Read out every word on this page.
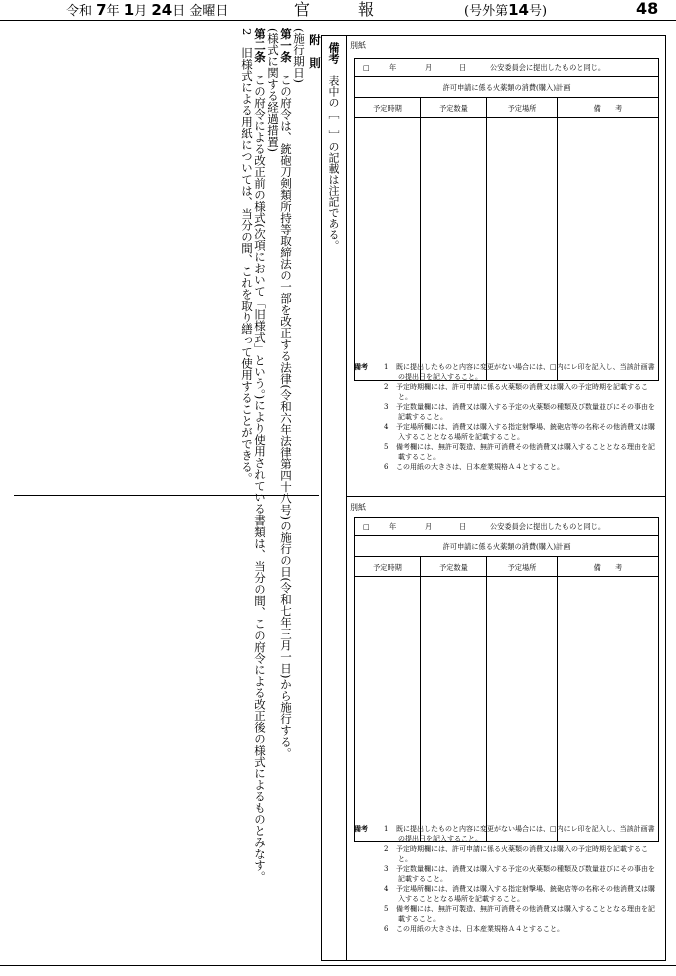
令和 7年 1月 24日 金曜日	官報	(号外第14号)	48
附　則
(施行期日)
第一条　この府令は、銃砲刀剣類所持等取締法の一部を改正する法律(令和六年法律第四十八号)の施行の日(令和七年三月一日)から施行する。
(様式に関する経過措置)
第二条　この府令による改正前の様式(次項において「旧様式」という。)により使用されている書類は、当分の間、この府令による改正後の様式によるものとみなす。
2　旧様式による用紙については、当分の間、これを取り繕って使用することができる。	備考　表中の［　］の記載は注記である。
別紙
□	年	月	日	公安委員会に提出したものと同じ。
許可申請に係る火薬類の消費(購入)計画
予定時期	予定数量	予定場所	備　　考
備考	1 既に提出したものと内容に変更がない場合には、□内にレ印を記入し、当該計画書の提出日を記入すること。
2 予定時期欄には、許可申請に係る火薬類の消費又は購入の予定時期を記載すること。
3 予定数量欄には、消費又は購入する予定の火薬類の種類及び数量並びにその事由を記載すること。
4 予定場所欄には、消費又は購入する指定射撃場、銃砲店等の名称その他消費又は購入することとなる場所を記載すること。
5 備考欄には、無許可製造、無許可消費その他消費又は購入することとなる理由を記載すること。
6 この用紙の大きさは、日本産業規格Ａ４とすること。
別紙
□	年	月	日	公安委員会に提出したものと同じ。
許可申請に係る火薬類の消費(購入)計画
予定時期	予定数量	予定場所	備　　考
備考	1 既に提出したものと内容に変更がない場合には、□内にレ印を記入し、当該計画書の提出日を記入すること。
2 予定時期欄には、許可申請に係る火薬類の消費又は購入の予定時期を記載すること。
3 予定数量欄には、消費又は購入する予定の火薬類の種類及び数量並びにその事由を記載すること。
4 予定場所欄には、消費又は購入する指定射撃場、銃砲店等の名称その他消費又は購入することとなる場所を記載すること。
5 備考欄には、無許可製造、無許可消費その他消費又は購入することとなる理由を記載すること。
6 この用紙の大きさは、日本産業規格Ａ４とすること。
